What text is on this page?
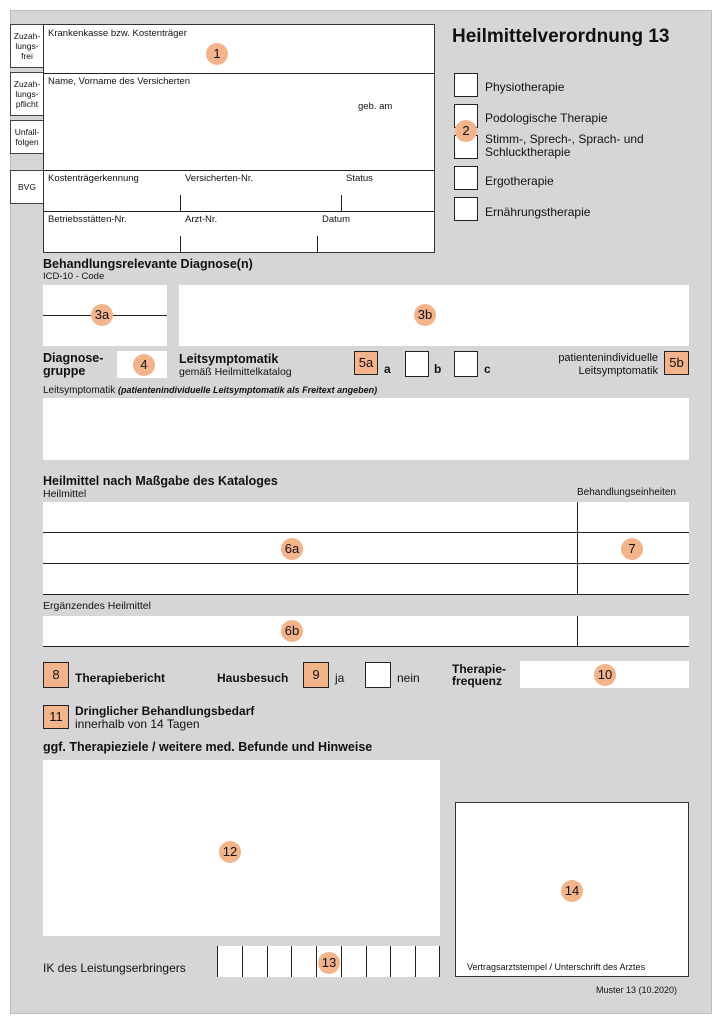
Zuzah-
lungs-
frei
Zuzah-
lungs-
pflicht
Unfall-
folgen
BVG
Krankenkasse bzw. Kostenträger
Name, Vorname des Versicherten
geb. am
Kostenträgerkennung	Versicherten-Nr.	Status
Betriebsstätten-Nr.	Arzt-Nr.	Datum
1
Heilmittelverordnung 13
Physiotherapie
Podologische Therapie
Stimm-, Sprech-, Sprach- und
Schlucktherapie
Ergotherapie
Ernährungstherapie
2
Behandlungsrelevante Diagnose(n)
ICD-10 - Code
3a	3b
Diagnose-
gruppe	4	Leitsymptomatik
gemäß Heilmittelkatalog
5a a	b	c
patientenindividuelle
Leitsymptomatik
5b
Leitsymptomatik (patientenindividuelle Leitsymptomatik als Freitext angeben)
Heilmittel nach Maßgabe des Kataloges
Heilmittel	Behandlungseinheiten
6a	7
Ergänzendes Heilmittel
6b
8	Therapiebericht	Hausbesuch	9	ja	nein
Therapie-
frequenz	10
11	Dringlicher Behandlungsbedarf
innerhalb von 14 Tagen
ggf. Therapieziele / weitere med. Befunde und Hinweise
12
IK des Leistungserbringers	13
14
Vertragsarztstempel / Unterschrift des Arztes
Muster 13 (10.2020)
